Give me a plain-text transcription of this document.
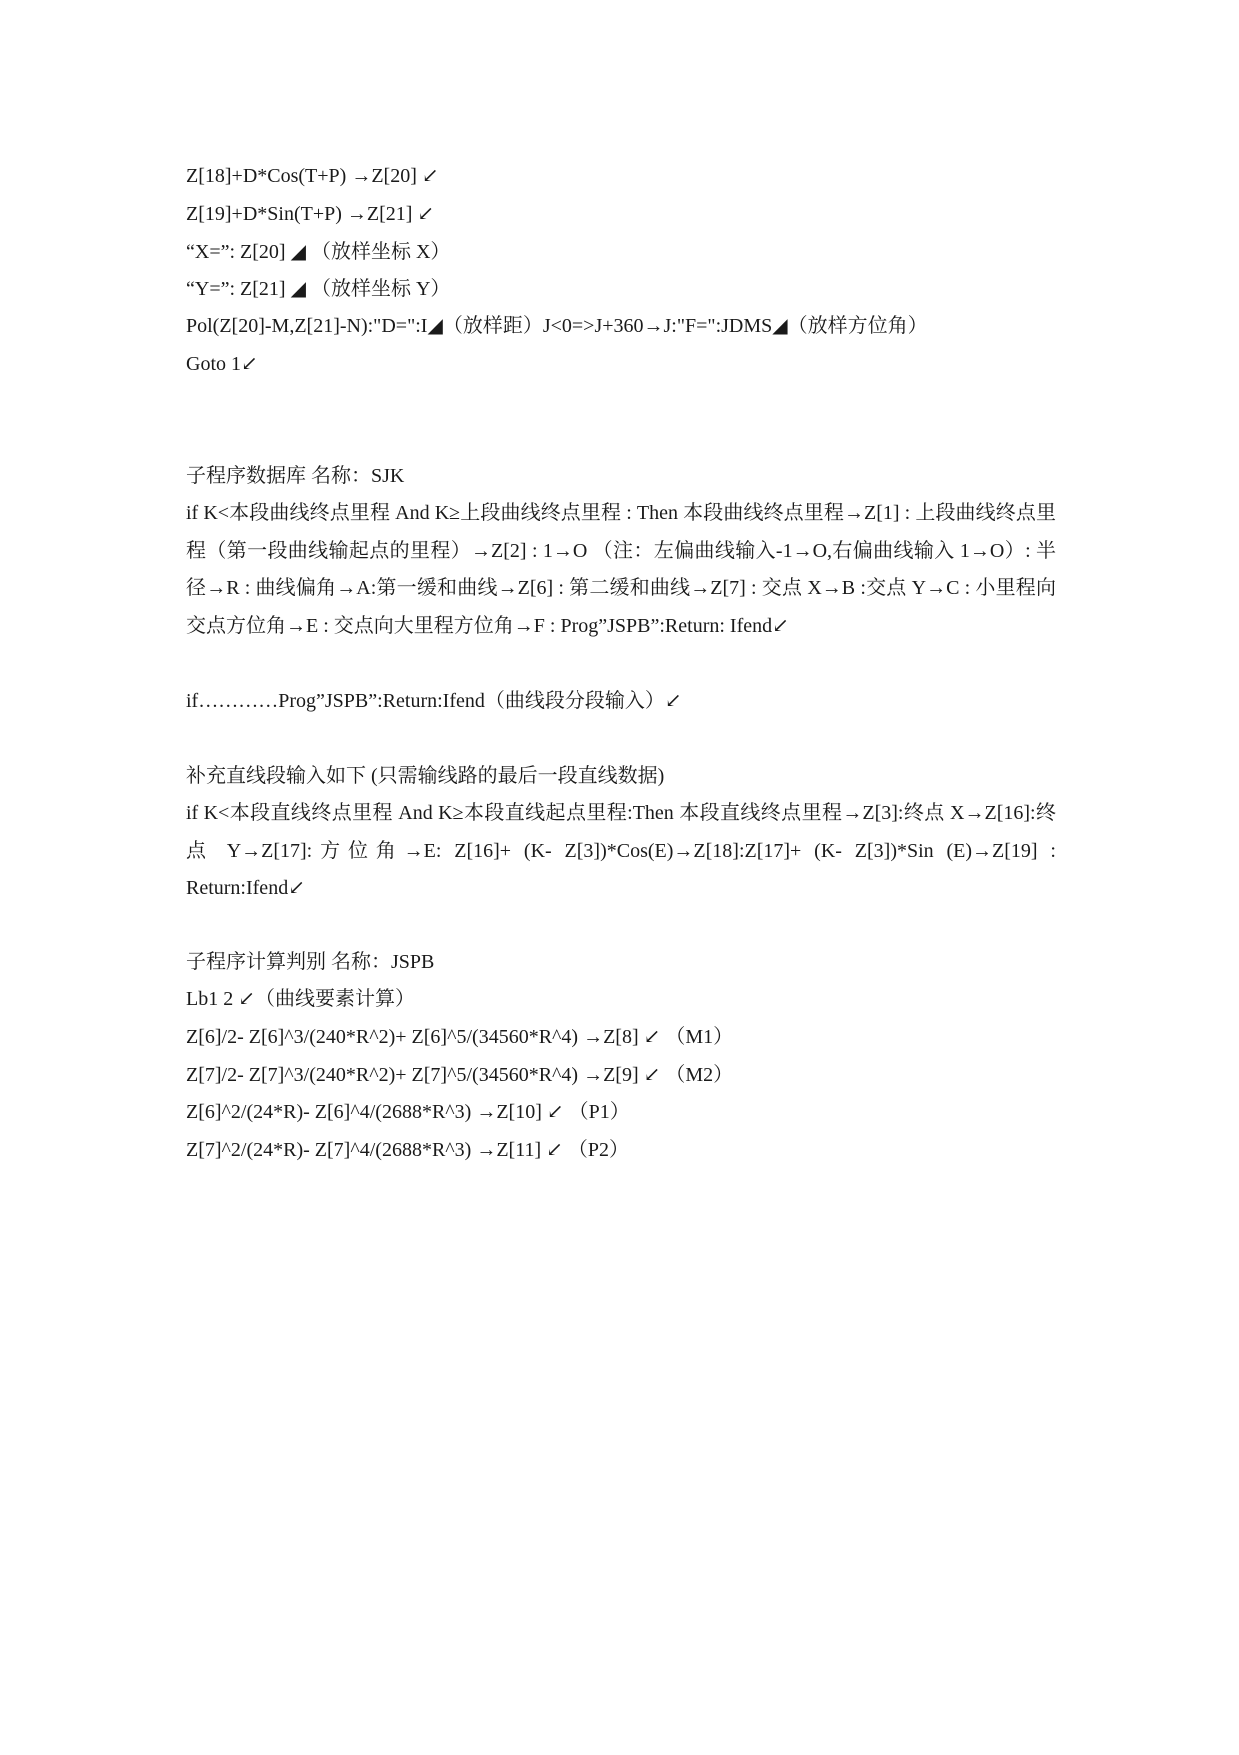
Z[18]+D*Cos(T+P) →Z[20] ↙
Z[19]+D*Sin(T+P) →Z[21] ↙
“X=”: Z[20] ◢ （放样坐标 X）
“Y=”: Z[21] ◢ （放样坐标 Y）
Pol(Z[20]-M,Z[21]-N):"D=":I◢（放样距）J<0=>J+360→J:"F=":JDMS◢（放样方位角）
Goto 1↙
子程序数据库 名称：SJK
if K<本段曲线终点里程 And K≥上段曲线终点里程 : Then 本段曲线终点里程→Z[1] : 上段曲线终点里程（第一段曲线输起点的里程）→Z[2] : 1→O （注：左偏曲线输入-1→O,右偏曲线输入 1→O）: 半径→R : 曲线偏角→A:第一缓和曲线→Z[6] : 第二缓和曲线→Z[7] : 交点 X→B :交点 Y→C : 小里程向交点方位角→E : 交点向大里程方位角→F : Prog”JSPB”:Return: Ifend↙
if…………Prog”JSPB”:Return:Ifend（曲线段分段输入）↙
补充直线段输入如下 (只需输线路的最后一段直线数据)
if K<本段直线终点里程 And K≥本段直线起点里程:Then 本段直线终点里程→Z[3]:终点 X→Z[16]:终点 Y→Z[17]:方位角→E: Z[16]+ (K- Z[3])*Cos(E)→Z[18]:Z[17]+ (K- Z[3])*Sin (E)→Z[19] : Return:Ifend↙
子程序计算判别 名称：JSPB
Lb1 2 ↙（曲线要素计算）
Z[6]/2- Z[6]^3/(240*R^2)+ Z[6]^5/(34560*R^4) →Z[8] ↙ （M1）
Z[7]/2- Z[7]^3/(240*R^2)+ Z[7]^5/(34560*R^4) →Z[9] ↙ （M2）
Z[6]^2/(24*R)- Z[6]^4/(2688*R^3) →Z[10] ↙ （P1）
Z[7]^2/(24*R)- Z[7]^4/(2688*R^3) →Z[11] ↙ （P2）
